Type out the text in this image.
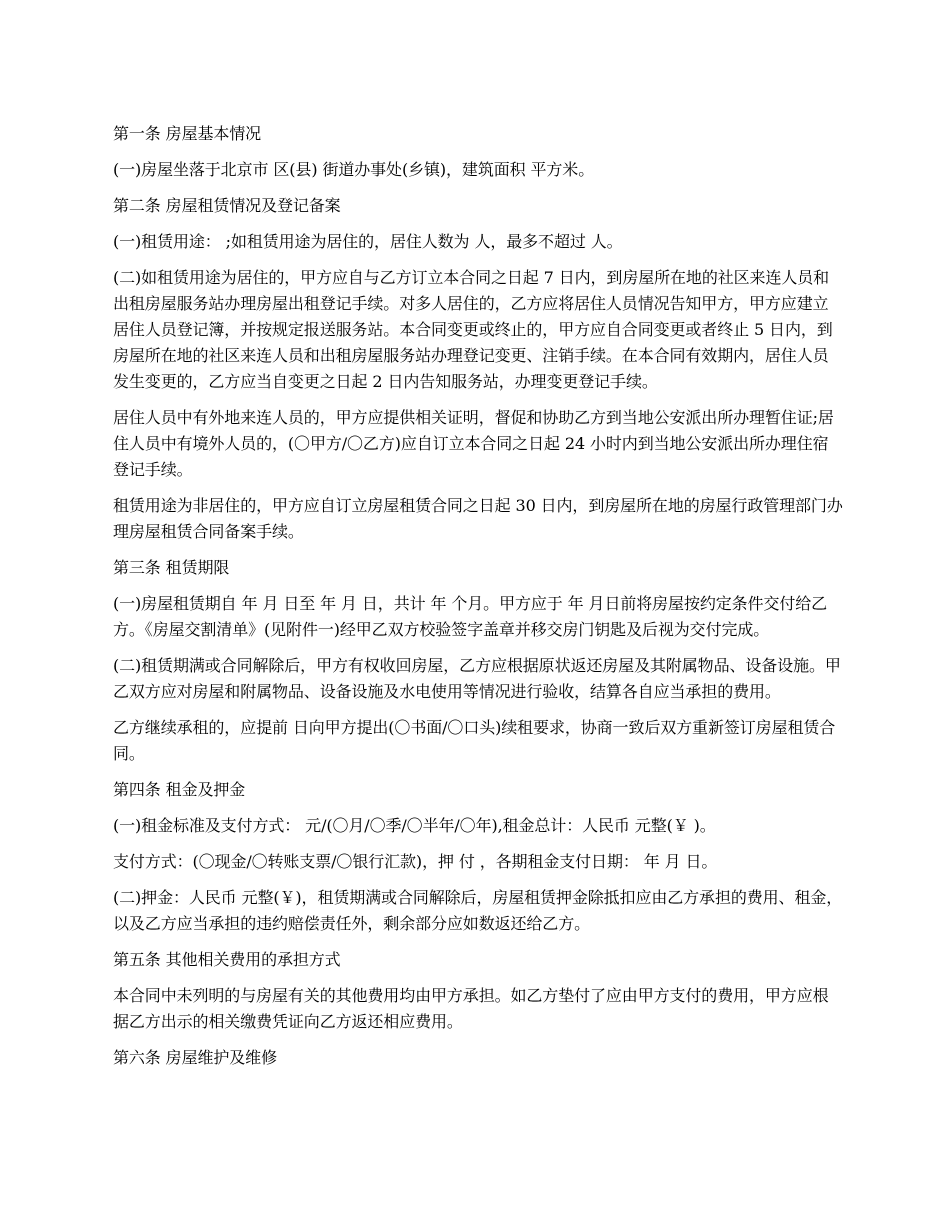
第一条 房屋基本情况

(一)房屋坐落于北京市 区(县) 街道办事处(乡镇)，建筑面积 平方米。

第二条 房屋租赁情况及登记备案

(一)租赁用途： ;如租赁用途为居住的，居住人数为 人，最多不超过 人。

(二)如租赁用途为居住的，甲方应自与乙方订立本合同之日起 7 日内，到房屋所在地的社区来连人员和出租房屋服务站办理房屋出租登记手续。对多人居住的，乙方应将居住人员情况告知甲方，甲方应建立居住人员登记簿，并按规定报送服务站。本合同变更或终止的，甲方应自合同变更或者终止 5 日内，到房屋所在地的社区来连人员和出租房屋服务站办理登记变更、注销手续。在本合同有效期内，居住人员发生变更的，乙方应当自变更之日起 2 日内告知服务站，办理变更登记手续。

居住人员中有外地来连人员的，甲方应提供相关证明，督促和协助乙方到当地公安派出所办理暂住证;居住人员中有境外人员的，(〇甲方/〇乙方)应自订立本合同之日起 24 小时内到当地公安派出所办理住宿登记手续。

租赁用途为非居住的，甲方应自订立房屋租赁合同之日起 30 日内，到房屋所在地的房屋行政管理部门办理房屋租赁合同备案手续。

第三条 租赁期限

(一)房屋租赁期自 年 月 日至 年 月 日，共计 年 个月。甲方应于 年 月日前将房屋按约定条件交付给乙方。《房屋交割清单》(见附件一)经甲乙双方校验签字盖章并移交房门钥匙及后视为交付完成。

(二)租赁期满或合同解除后，甲方有权收回房屋，乙方应根据原状返还房屋及其附属物品、设备设施。甲乙双方应对房屋和附属物品、设备设施及水电使用等情况进行验收，结算各自应当承担的费用。

乙方继续承租的，应提前 日向甲方提出(〇书面/〇口头)续租要求，协商一致后双方重新签订房屋租赁合同。

第四条 租金及押金

(一)租金标准及支付方式： 元/(〇月/〇季/〇半年/〇年),租金总计：人民币 元整(￥ )。

支付方式：(〇现金/〇转账支票/〇银行汇款)，押 付 ，各期租金支付日期： 年 月 日。

(二)押金：人民币 元整(￥)，租赁期满或合同解除后，房屋租赁押金除抵扣应由乙方承担的费用、租金，以及乙方应当承担的违约赔偿责任外，剩余部分应如数返还给乙方。

第五条 其他相关费用的承担方式

本合同中未列明的与房屋有关的其他费用均由甲方承担。如乙方垫付了应由甲方支付的费用，甲方应根据乙方出示的相关缴费凭证向乙方返还相应费用。

第六条 房屋维护及维修
